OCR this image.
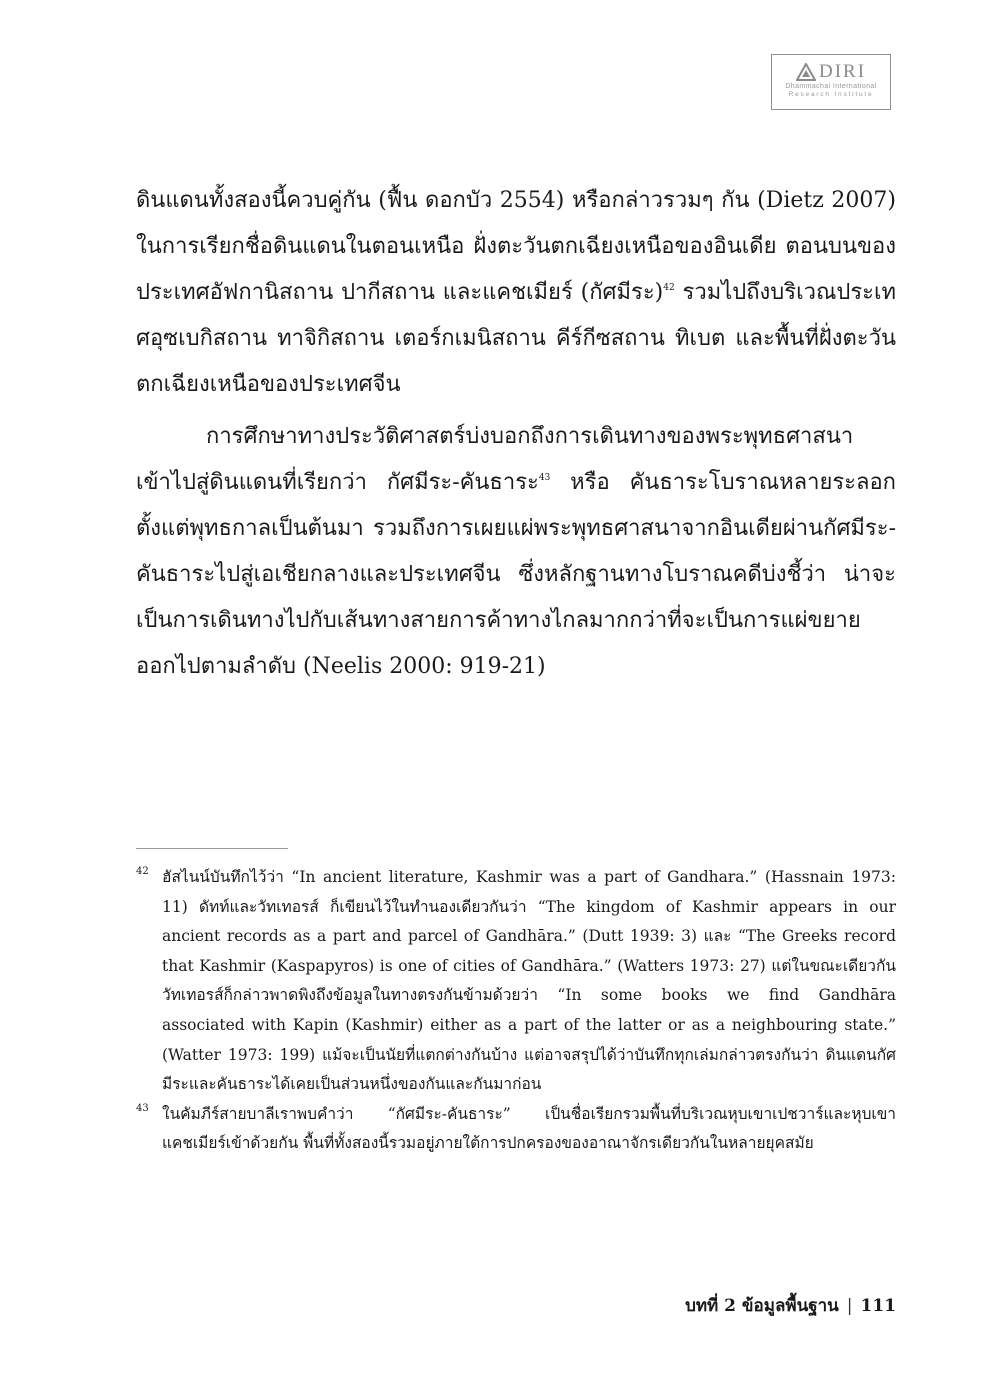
DIRI
Dhammachai International
Research Institute

ดินแดนทั้งสองนี้ควบคู่กัน (ฟื้น ดอกบัว 2554) หรือกล่าวรวมๆ กัน (Dietz 2007) ในการเรียกชื่อดินแดนในตอนเหนือ ฝั่งตะวันตกเฉียงเหนือของอินเดีย ตอนบนของประเทศอัฟกานิสถาน ปากีสถาน และแคชเมียร์ (กัศมีระ)$^{42}$ รวมไปถึงบริเวณประเทศอุซเบกิสถาน ทาจิกิสถาน เตอร์กเมนิสถาน คีร์กีซสถาน ทิเบต และพื้นที่ฝั่งตะวันตกเฉียงเหนือของประเทศจีน

การศึกษาทางประวัติศาสตร์บ่งบอกถึงการเดินทางของพระพุทธศาสนาเข้าไปสู่ดินแดนที่เรียกว่า กัศมีระ-คันธาระ$^{43}$ หรือ คันธาระโบราณหลายระลอก ตั้งแต่พุทธกาลเป็นต้นมา รวมถึงการเผยแผ่พระพุทธศาสนาจากอินเดียผ่านกัศมีระ-คันธาระไปสู่เอเชียกลางและประเทศจีน ซึ่งหลักฐานทางโบราณคดีบ่งชี้ว่า น่าจะเป็นการเดินทางไปกับเส้นทางสายการค้าทางไกลมากกว่าที่จะเป็นการแผ่ขยายออกไปตามลำดับ (Neelis 2000: 919-21)

42 ฮัสไนน์บันทึกไว้ว่า “In ancient literature, Kashmir was a part of Gandhara.” (Hassnain 1973: 11) ดัทท์และวัทเทอรส์ ก็เขียนไว้ในทำนองเดียวกันว่า “The kingdom of Kashmir appears in our ancient records as a part and parcel of Gandhāra.” (Dutt 1939: 3) และ “The Greeks record that Kashmir (Kaspapyros) is one of cities of Gandhāra.” (Watters 1973: 27) แต่ในขณะเดียวกัน วัทเทอรส์ก็กล่าวพาดพิงถึงข้อมูลในทางตรงกันข้ามด้วยว่า “In some books we find Gandhāra associated with Kapin (Kashmir) either as a part of the latter or as a neighbouring state.” (Watter 1973: 199) แม้จะเป็นนัยที่แตกต่างกันบ้าง แต่อาจสรุปได้ว่าบันทึกทุกเล่มกล่าวตรงกันว่า ดินแดนกัศมีระและคันธาระได้เคยเป็นส่วนหนึ่งของกันและกันมาก่อน

43 ในคัมภีร์สายบาลีเราพบคำว่า “กัศมีระ-คันธาระ” เป็นชื่อเรียกรวมพื้นที่บริเวณหุบเขาเปชวาร์และหุบเขาแคชเมียร์เข้าด้วยกัน พื้นที่ทั้งสองนี้รวมอยู่ภายใต้การปกครองของอาณาจักรเดียวกันในหลายยุคสมัย

บทที่ 2 ข้อมูลพื้นฐาน | 111
